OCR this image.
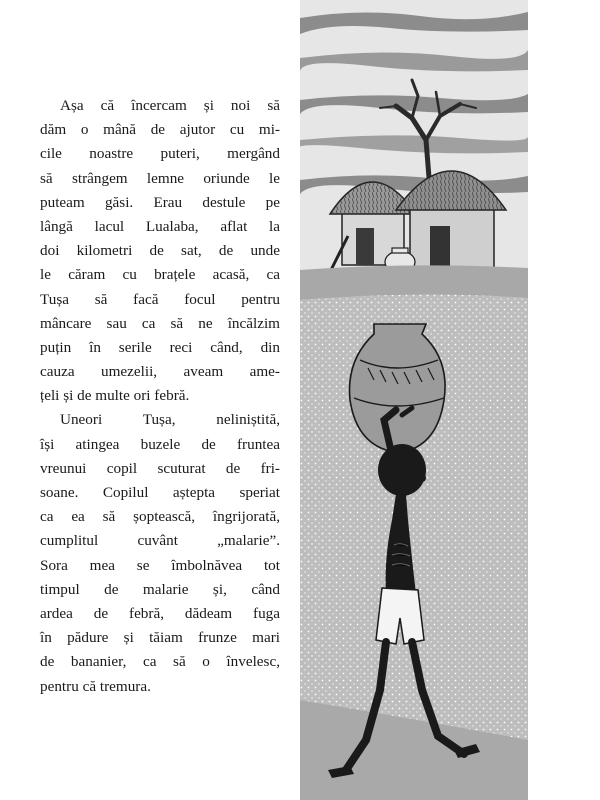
Așa că încercam și noi să
dăm o mână de ajutor cu mi-
cile noastre puteri, mergând
să strângem lemne oriunde le
puteam găsi. Erau destule pe
lângă lacul Lualaba, aflat la
doi kilometri de sat, de unde
le căram cu brațele acasă, ca
Tușa să facă focul pentru
mâncare sau ca să ne încălzim
puțin în serile reci când, din
cauza umezelii, aveam ame-
țeli și de multe ori febră.
Uneori Tușa, neliniștită,
își atingea buzele de fruntea
vreunui copil scuturat de fri-
soane. Copilul aștepta speriat
ca ea să șoptească, îngrijorată,
cumplitul cuvânt „malarie”.
Sora mea se îmbolnăvea tot
timpul de malarie și, când
ardea de febră, dădeam fuga
în pădure și tăiam frunze mari
de bananier, ca să o învelesc,
pentru că tremura.
